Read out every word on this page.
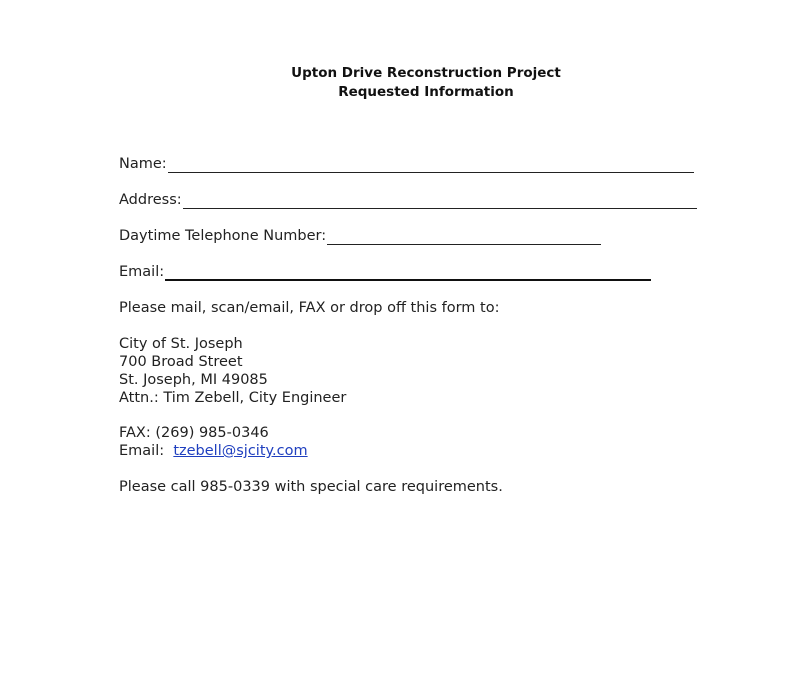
Upton Drive Reconstruction Project
Requested Information
Name:
Address:
Daytime Telephone Number:
Email:
Please mail, scan/email, FAX or drop off this form to:
City of St. Joseph
700 Broad Street
St. Joseph, MI 49085
Attn.: Tim Zebell, City Engineer
FAX: (269) 985-0346
Email: tzebell@sjcity.com
Please call 985-0339 with special care requirements.
